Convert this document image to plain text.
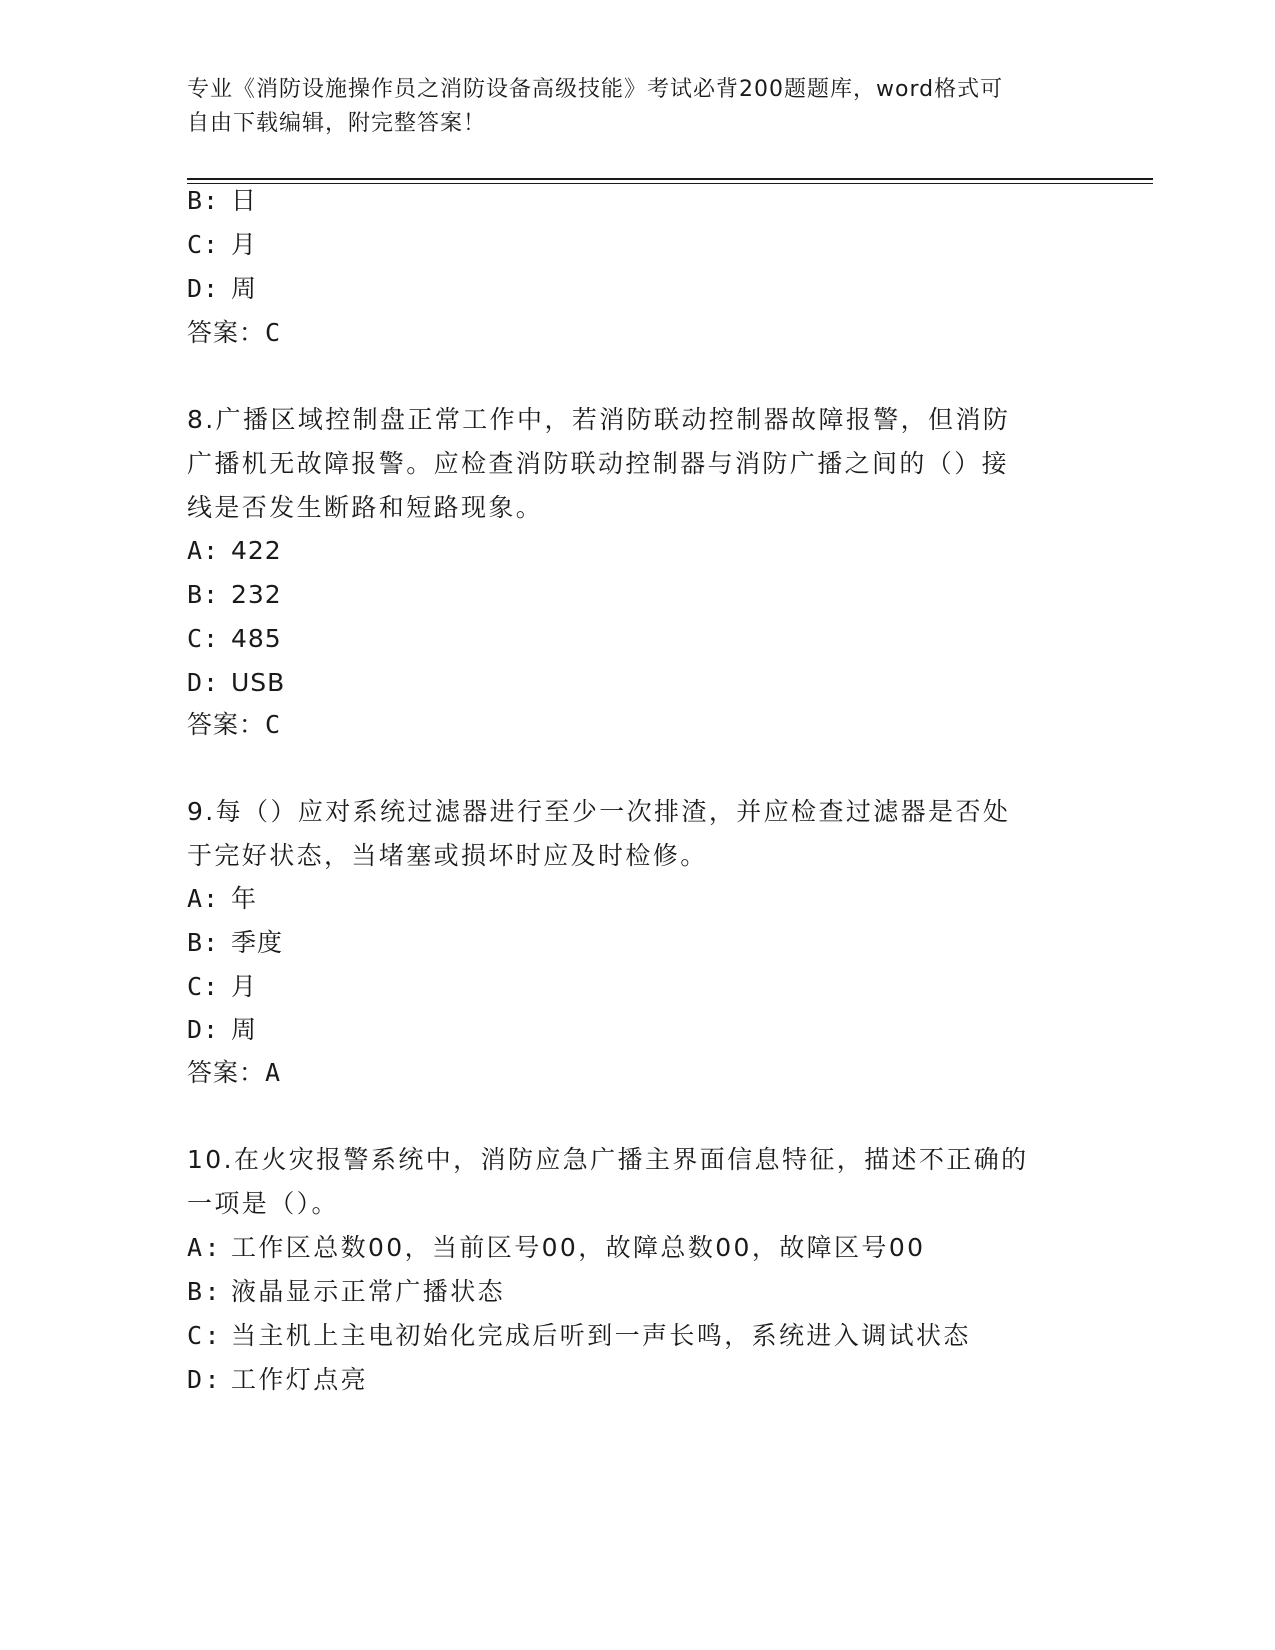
专业《消防设施操作员之消防设备高级技能》考试必背200题题库，word格式可
自由下载编辑，附完整答案！
B: 日
C: 月
D: 周
答案：C
8.广播区域控制盘正常工作中，若消防联动控制器故障报警，但消防
广播机无故障报警。应检查消防联动控制器与消防广播之间的（）接
线是否发生断路和短路现象。
A: 422
B: 232
C: 485
D: USB
答案：C
9.每（）应对系统过滤器进行至少一次排渣，并应检查过滤器是否处
于完好状态，当堵塞或损坏时应及时检修。
A: 年
B: 季度
C: 月
D: 周
答案：A
10.在火灾报警系统中，消防应急广播主界面信息特征，描述不正确的
一项是（）。
A: 工作区总数00，当前区号00，故障总数00，故障区号00
B: 液晶显示正常广播状态
C: 当主机上主电初始化完成后听到一声长鸣，系统进入调试状态
D: 工作灯点亮
